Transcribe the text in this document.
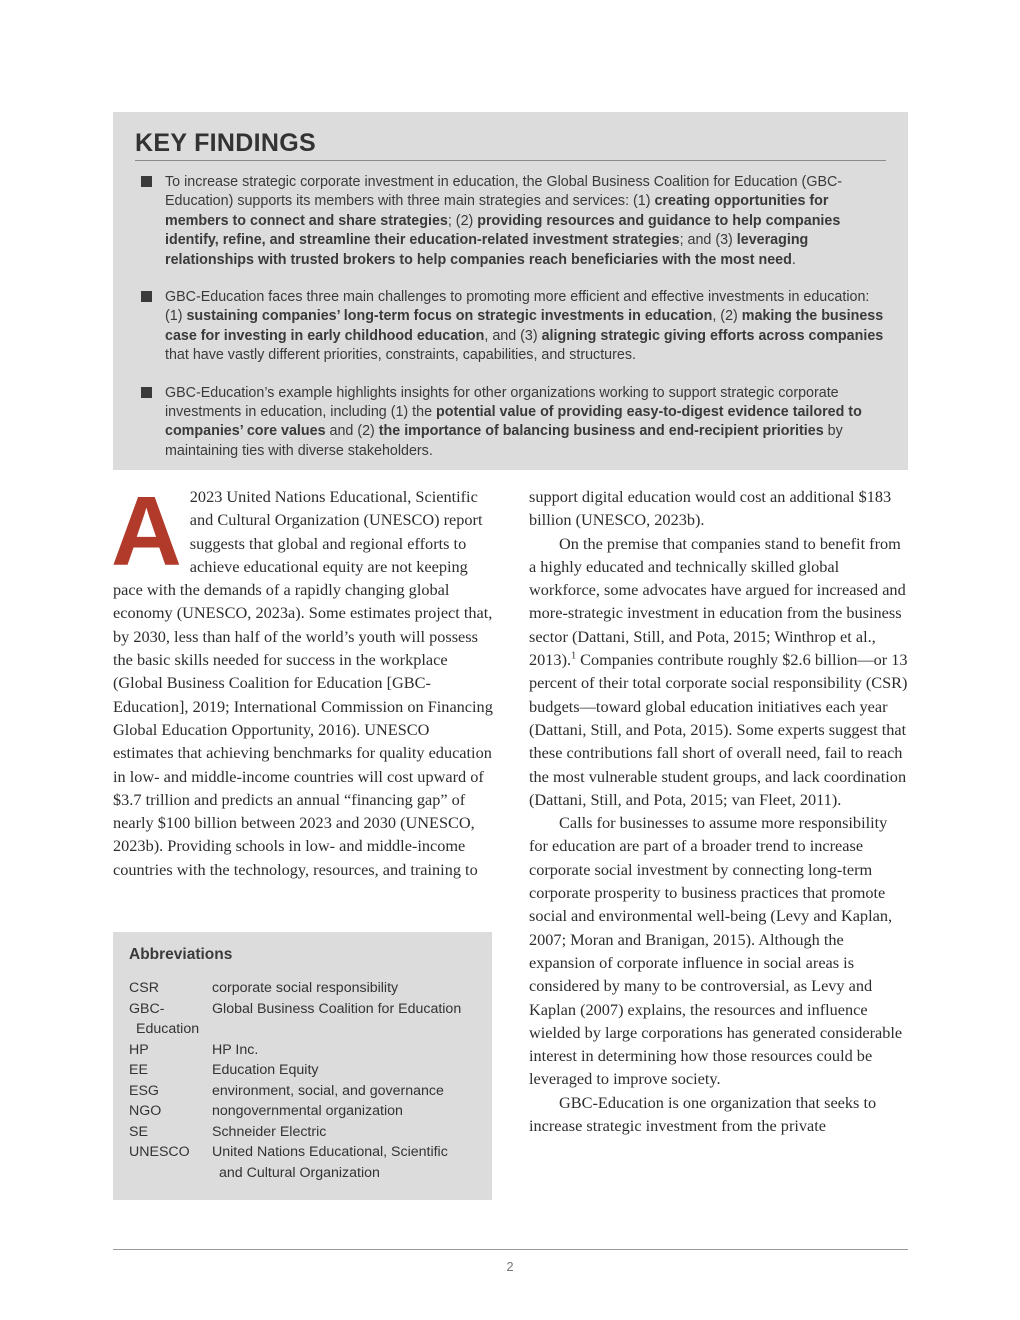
KEY FINDINGS
To increase strategic corporate investment in education, the Global Business Coalition for Education (GBC-Education) supports its members with three main strategies and services: (1) creating opportunities for members to connect and share strategies; (2) providing resources and guidance to help companies identify, refine, and streamline their education-related investment strategies; and (3) leveraging relationships with trusted brokers to help companies reach beneficiaries with the most need.
GBC-Education faces three main challenges to promoting more efficient and effective investments in education: (1) sustaining companies’ long-term focus on strategic investments in education, (2) making the business case for investing in early childhood education, and (3) aligning strategic giving efforts across companies that have vastly different priorities, constraints, capabilities, and structures.
GBC-Education’s example highlights insights for other organizations working to support strategic corporate investments in education, including (1) the potential value of providing easy-to-digest evidence tailored to companies’ core values and (2) the importance of balancing business and end-recipient priorities by maintaining ties with diverse stakeholders.

A 2023 United Nations Educational, Scientific and Cultural Organization (UNESCO) report suggests that global and regional efforts to achieve educational equity are not keeping pace with the demands of a rapidly changing global economy (UNESCO, 2023a). Some estimates project that, by 2030, less than half of the world’s youth will possess the basic skills needed for success in the workplace (Global Business Coalition for Education [GBC-Education], 2019; International Commission on Financing Global Education Opportunity, 2016). UNESCO estimates that achieving benchmarks for quality education in low- and middle-income countries will cost upward of $3.7 trillion and predicts an annual “financing gap” of nearly $100 billion between 2023 and 2030 (UNESCO, 2023b). Providing schools in low- and middle-income countries with the technology, resources, and training to

support digital education would cost an additional $183 billion (UNESCO, 2023b).

On the premise that companies stand to benefit from a highly educated and technically skilled global workforce, some advocates have argued for increased and more-strategic investment in education from the business sector (Dattani, Still, and Pota, 2015; Winthrop et al., 2013).$^1$ Companies contribute roughly $2.6 billion—or 13 percent of their total corporate social responsibility (CSR) budgets—toward global education initiatives each year (Dattani, Still, and Pota, 2015). Some experts suggest that these contributions fall short of overall need, fail to reach the most vulnerable student groups, and lack coordination (Dattani, Still, and Pota, 2015; van Fleet, 2011).

Calls for businesses to assume more responsibility for education are part of a broader trend to increase corporate social investment by connecting long-term corporate prosperity to business practices that promote social and environmental well-being (Levy and Kaplan, 2007; Moran and Branigan, 2015). Although the expansion of corporate influence in social areas is considered by many to be controversial, as Levy and Kaplan (2007) explains, the resources and influence wielded by large corporations has generated considerable interest in determining how those resources could be leveraged to improve society.

GBC-Education is one organization that seeks to increase strategic investment from the private

Abbreviations
CSR	corporate social responsibility
GBC-	Global Business Coalition for Education
Education
HP	HP Inc.
EE	Education Equity
ESG	environment, social, and governance
NGO	nongovernmental organization
SE	Schneider Electric
UNESCO	United Nations Educational, Scientific
and Cultural Organization
2
